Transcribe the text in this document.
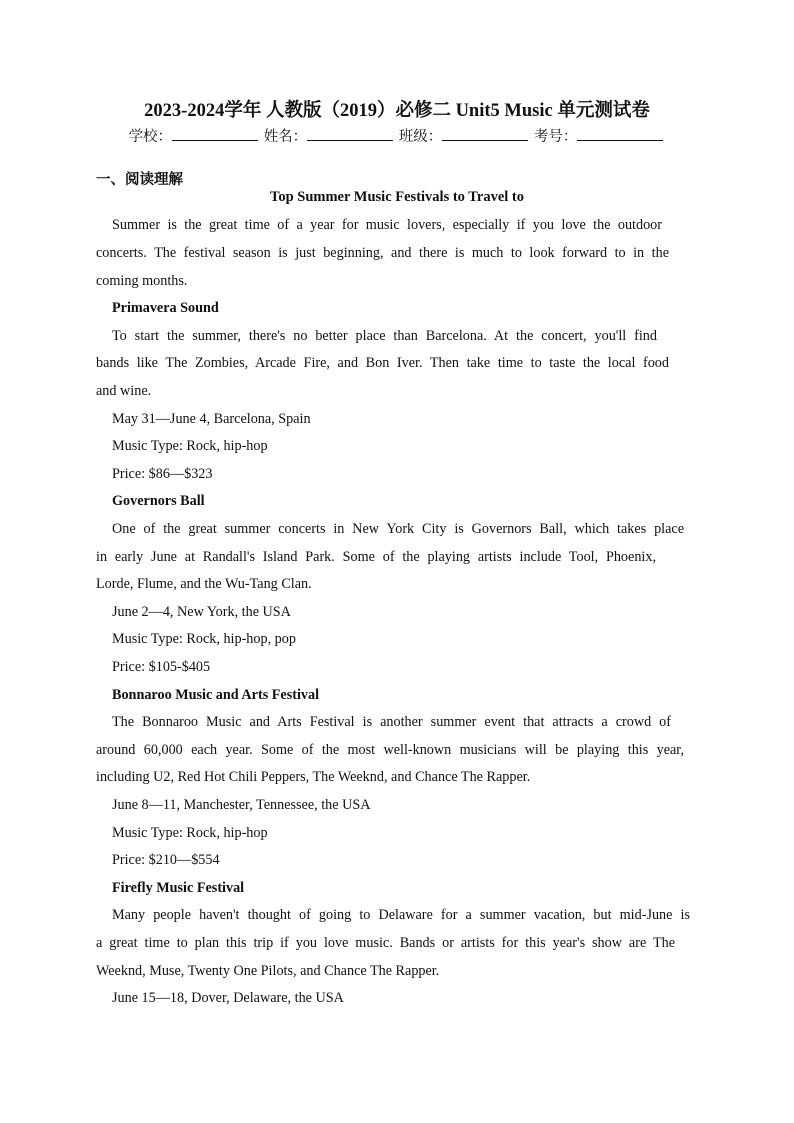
2023-2024学年 人教版（2019）必修二 Unit5 Music 单元测试卷
学校：	姓名：	班级：	考号：
一、阅读理解
Top Summer Music Festivals to Travel to
Summer is the great time of a year for music lovers, especially if you love the outdoor
concerts. The festival season is just beginning, and there is much to look forward to in the
coming months.
Primavera Sound
To start the summer, there's no better place than Barcelona. At the concert, you'll find
bands like The Zombies, Arcade Fire, and Bon Iver. Then take time to taste the local food
and wine.
May 31—June 4, Barcelona, Spain
Music Type: Rock, hip-hop
Price: $86—$323
Governors Ball
One of the great summer concerts in New York City is Governors Ball, which takes place
in early June at Randall's Island Park. Some of the playing artists include Tool, Phoenix,
Lorde, Flume, and the Wu-Tang Clan.
June 2—4, New York, the USA
Music Type: Rock, hip-hop, pop
Price: $105-$405
Bonnaroo Music and Arts Festival
The Bonnaroo Music and Arts Festival is another summer event that attracts a crowd of
around 60,000 each year. Some of the most well-known musicians will be playing this year,
including U2, Red Hot Chili Peppers, The Weeknd, and Chance The Rapper.
June 8—11, Manchester, Tennessee, the USA
Music Type: Rock, hip-hop
Price: $210—$554
Firefly Music Festival
Many people haven't thought of going to Delaware for a summer vacation, but mid-June is
a great time to plan this trip if you love music. Bands or artists for this year's show are The
Weeknd, Muse, Twenty One Pilots, and Chance The Rapper.
June 15—18, Dover, Delaware, the USA
